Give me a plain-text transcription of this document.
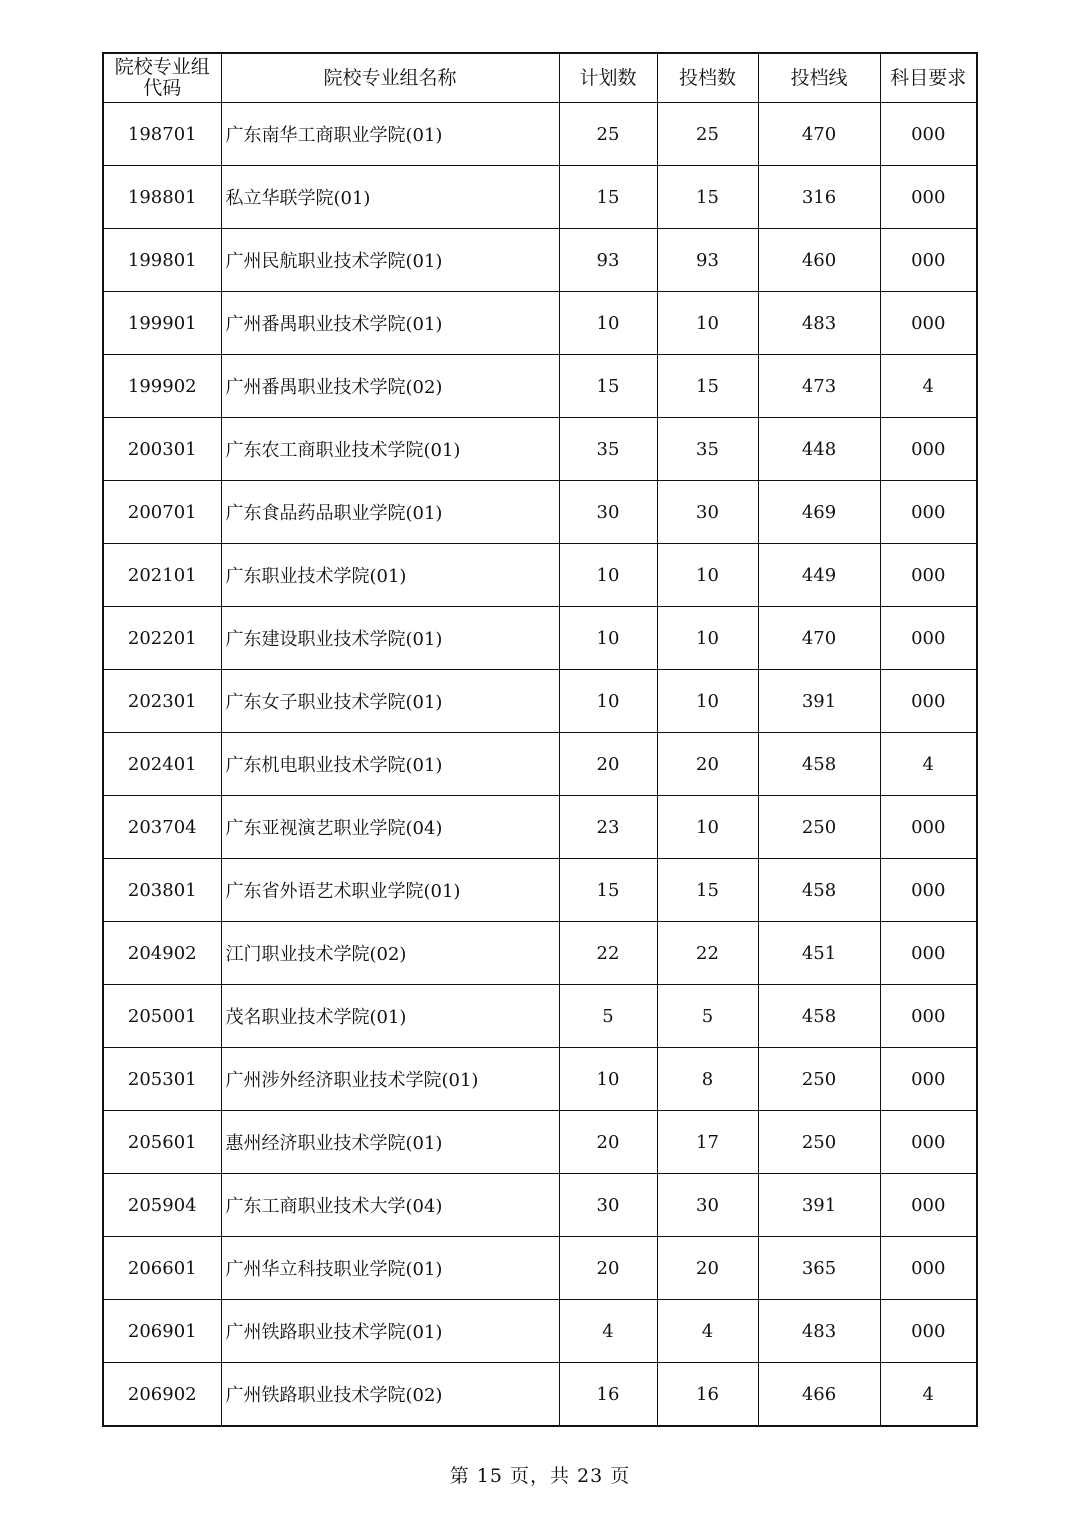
院校专业组代码	院校专业组名称	计划数	投档数	投档线	科目要求
198701	广东南华工商职业学院(01)	25	25	470	000
198801	私立华联学院(01)	15	15	316	000
199801	广州民航职业技术学院(01)	93	93	460	000
199901	广州番禺职业技术学院(01)	10	10	483	000
199902	广州番禺职业技术学院(02)	15	15	473	4
200301	广东农工商职业技术学院(01)	35	35	448	000
200701	广东食品药品职业学院(01)	30	30	469	000
202101	广东职业技术学院(01)	10	10	449	000
202201	广东建设职业技术学院(01)	10	10	470	000
202301	广东女子职业技术学院(01)	10	10	391	000
202401	广东机电职业技术学院(01)	20	20	458	4
203704	广东亚视演艺职业学院(04)	23	10	250	000
203801	广东省外语艺术职业学院(01)	15	15	458	000
204902	江门职业技术学院(02)	22	22	451	000
205001	茂名职业技术学院(01)	5	5	458	000
205301	广州涉外经济职业技术学院(01)	10	8	250	000
205601	惠州经济职业技术学院(01)	20	17	250	000
205904	广东工商职业技术大学(04)	30	30	391	000
206601	广州华立科技职业学院(01)	20	20	365	000
206901	广州铁路职业技术学院(01)	4	4	483	000
206902	广州铁路职业技术学院(02)	16	16	466	4
第 15 页，共 23 页
